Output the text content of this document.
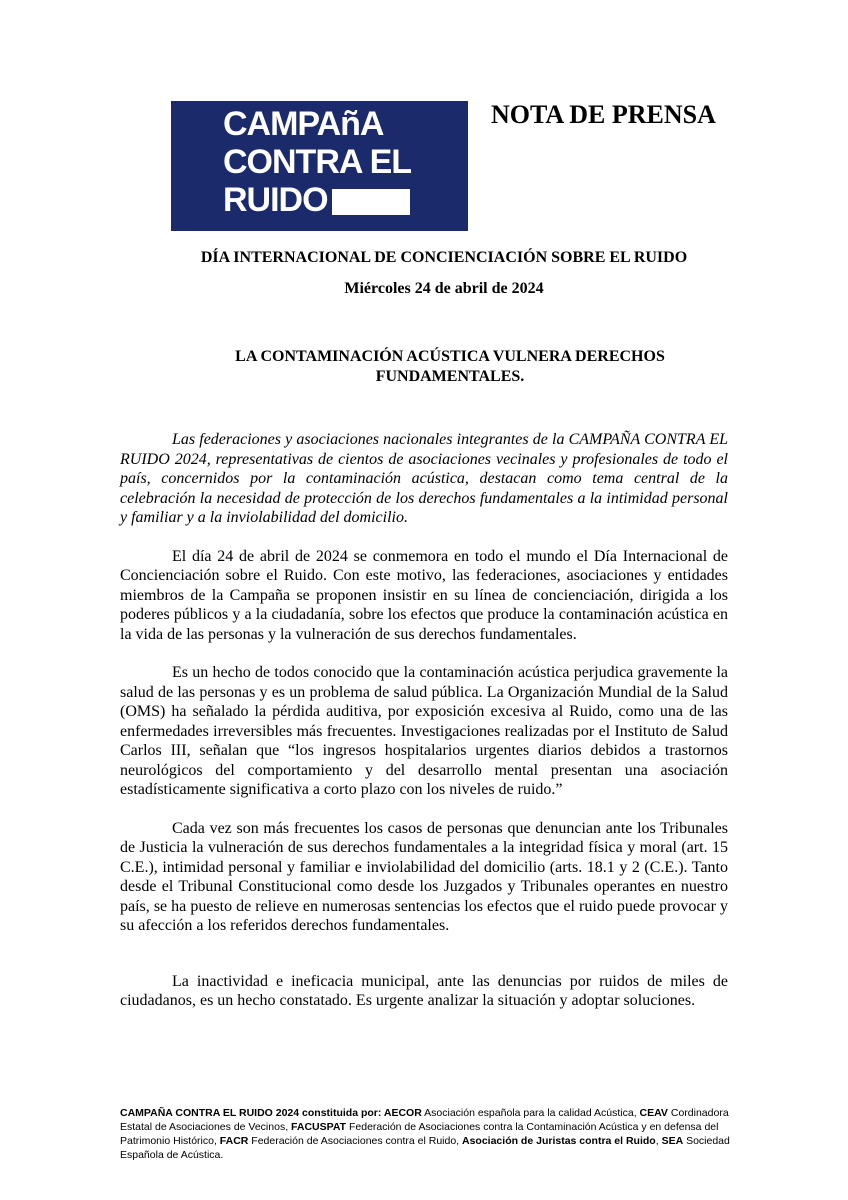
CAMPAñA
CONTRA EL
RUIDO
NOTA DE PRENSA
DÍA INTERNACIONAL DE CONCIENCIACIÓN SOBRE EL RUIDO
Miércoles 24 de abril de 2024
LA CONTAMINACIÓN ACÚSTICA VULNERA DERECHOS FUNDAMENTALES.

Las federaciones y asociaciones nacionales integrantes de la CAMPAÑA CONTRA EL RUIDO 2024, representativas de cientos de asociaciones vecinales y profesionales de todo el país, concernidos por la contaminación acústica, destacan como tema central de la celebración la necesidad de protección de los derechos fundamentales a la intimidad personal y familiar y a la inviolabilidad del domicilio.

El día 24 de abril de 2024 se conmemora en todo el mundo el Día Internacional de Concienciación sobre el Ruido. Con este motivo, las federaciones, asociaciones y entidades miembros de la Campaña se proponen insistir en su línea de concienciación, dirigida a los poderes públicos y a la ciudadanía, sobre los efectos que produce la contaminación acústica en la vida de las personas y la vulneración de sus derechos fundamentales.

Es un hecho de todos conocido que la contaminación acústica perjudica gravemente la salud de las personas y es un problema de salud pública. La Organización Mundial de la Salud (OMS) ha señalado la pérdida auditiva, por exposición excesiva al Ruido, como una de las enfermedades irreversibles más frecuentes. Investigaciones realizadas por el Instituto de Salud Carlos III, señalan que “los ingresos hospitalarios urgentes diarios debidos a trastornos neurológicos del comportamiento y del desarrollo mental presentan una asociación estadísticamente significativa a corto plazo con los niveles de ruido.”

Cada vez son más frecuentes los casos de personas que denuncian ante los Tribunales de Justicia la vulneración de sus derechos fundamentales a la integridad física y moral (art. 15 C.E.), intimidad personal y familiar e inviolabilidad del domicilio (arts. 18.1 y 2 (C.E.). Tanto desde el Tribunal Constitucional como desde los Juzgados y Tribunales operantes en nuestro país, se ha puesto de relieve en numerosas sentencias los efectos que el ruido puede provocar y su afección a los referidos derechos fundamentales.

La inactividad e ineficacia municipal, ante las denuncias por ruidos de miles de ciudadanos, es un hecho constatado. Es urgente analizar la situación y adoptar soluciones.

CAMPAÑA CONTRA EL RUIDO 2024 constituida por: AECOR Asociación española para la calidad Acústica, CEAV Cordinadora Estatal de Asociaciones de Vecinos, FACUSPAT Federación de Asociaciones contra la Contaminación Acústica y en defensa del Patrimonio Histórico, FACR Federación de Asociaciones contra el Ruido, Asociación de Juristas contra el Ruido, SEA Sociedad Española de Acústica.
